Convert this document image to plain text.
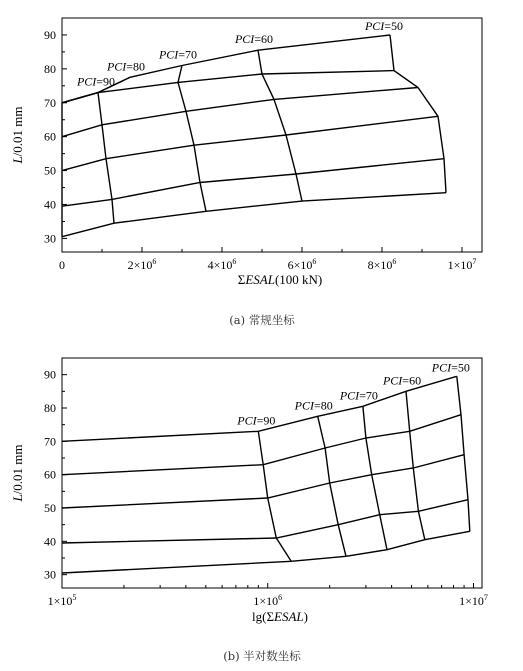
30
40
50
60
70
80
90
0	$2\times 10^6$	$4\times 10^6$	$6\times 10^6$	$8\times 10^6$	$1\times 10^7$
PCI=90
PCI=80
PCI=70
PCI=60
PCI=50
L/0.01 mm
ΣESAL(100 kN)
(a) 常规坐标
30
40
50
60
70
80
90
$1\times 10^5$	$1\times 10^6$	$1\times 10^7$
PCI=90
PCI=80
PCI=70
PCI=60
PCI=50
L/0.01 mm
lg(ΣESAL)
(b) 半对数坐标
